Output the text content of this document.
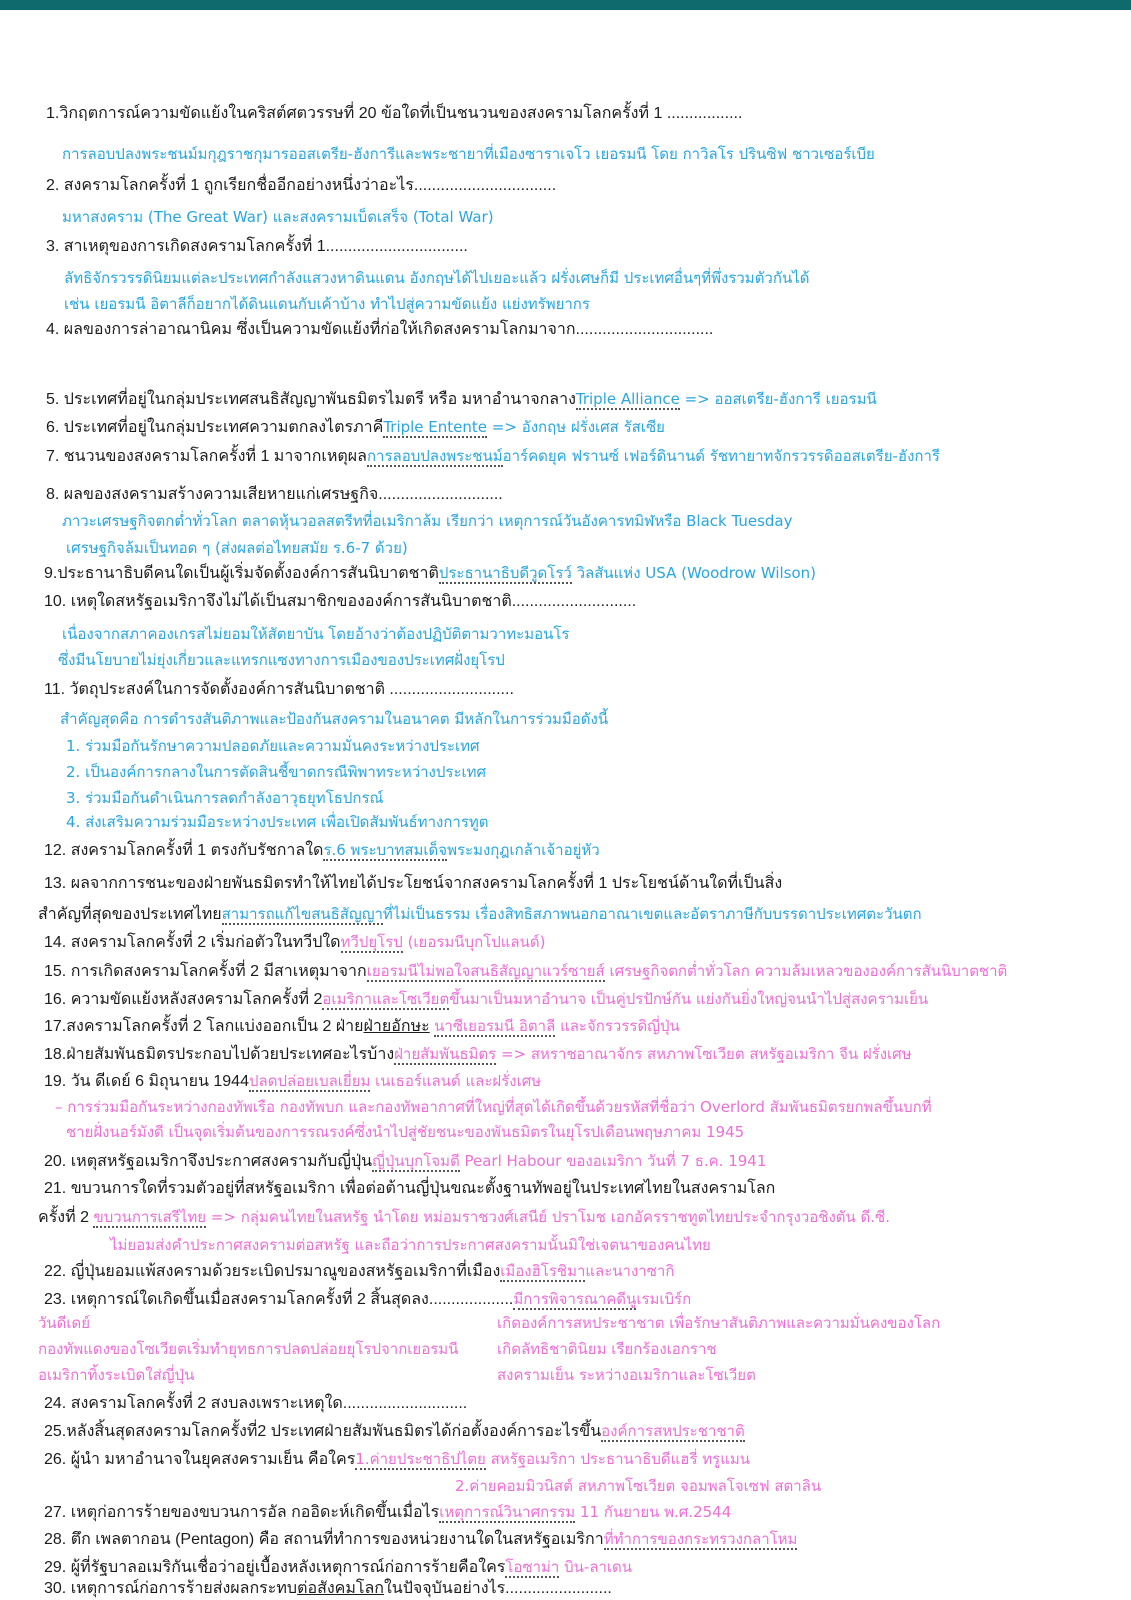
1.วิกฤตการณ์ความขัดแย้งในคริสต์ศตวรรษที่ 20 ข้อใดที่เป็นชนวนของสงครามโลกครั้งที่ 1 .................
การลอบปลงพระชนม์มกุฎราชกุมารออสเตรีย-ฮังการีและพระชายาที่เมืองซาราเจโว เยอรมนี โดย กาวิลโร ปรินซิฟ ชาวเซอร์เบีย
2. สงครามโลกครั้งที่ 1 ถูกเรียกชื่ออีกอย่างหนึ่งว่าอะไร................................
มหาสงคราม (The Great War) และสงครามเบ็ดเสร็จ (Total War)
3. สาเหตุของการเกิดสงครามโลกครั้งที่ 1................................
ลัทธิจักรวรรดินิยมแต่ละประเทศกำลังแสวงหาดินแดน อังกฤษได้ไปเยอะแล้ว ฝรั่งเศษก็มี ประเทศอื่นๆที่พึ่งรวมตัวกันได้
เช่น เยอรมนี อิตาลีก็อยากได้ดินแดนกับเค้าบ้าง ทำไปสู่ความขัดแย้ง แย่งทรัพยากร
4. ผลของการล่าอาณานิคม ซึ่งเป็นความขัดแย้งที่ก่อให้เกิดสงครามโลกมาจาก...............................
5. ประเทศที่อยู่ในกลุ่มประเทศสนธิสัญญาพันธมิตรไมตรี หรือ มหาอำนาจกลางTriple Alliance => ออสเตรีย-ฮังการี เยอรมนี
6. ประเทศที่อยู่ในกลุ่มประเทศความตกลงไตรภาคีTriple Entente => อังกฤษ ฝรั่งเศส รัสเซีย
7. ชนวนของสงครามโลกครั้งที่ 1 มาจากเหตุผลการลอบปลงพระชนม์อาร์คดยุค ฟรานซ์ เฟอร์ดินานด์ รัชทายาทจักรวรรดิออสเตรีย-ฮังการี
8. ผลของสงครามสร้างความเสียหายแก่เศรษฐกิจ............................
ภาวะเศรษฐกิจตกต่ำทั่วโลก ตลาดหุ้นวอลสตรีทที่อเมริกาล้ม เรียกว่า เหตุการณ์วันอังคารทมิฬหรือ Black Tuesday
เศรษฐกิจล้มเป็นทอด ๆ (ส่งผลต่อไทยสมัย ร.6-7 ด้วย)
9.ประธานาธิบดีคนใดเป็นผู้เริ่มจัดตั้งองค์การสันนิบาตชาติประธานาธิบดีวูดโรว์ วิลสันแห่ง USA (Woodrow Wilson)
10. เหตุใดสหรัฐอเมริกาจึงไม่ได้เป็นสมาชิกขององค์การสันนิบาตชาติ............................
เนื่องจากสภาคองเกรสไม่ยอมให้สัตยาบัน โดยอ้างว่าต้องปฏิบัติตามวาทะมอนโร
ซึ่งมีนโยบายไม่ยุ่งเกี่ยวและแทรกแซงทางการเมืองของประเทศฝั่งยุโรป
11. วัตถุประสงค์ในการจัดตั้งองค์การสันนิบาตชาติ ............................
สำคัญสุดคือ การดำรงสันติภาพและป้องกันสงครามในอนาคต มีหลักในการร่วมมือดังนี้
1. ร่วมมือกันรักษาความปลอดภัยและความมั่นคงระหว่างประเทศ
2. เป็นองค์การกลางในการตัดสินชี้ขาดกรณีพิพาทระหว่างประเทศ
3. ร่วมมือกันดำเนินการลดกำลังอาวุธยุทโธปกรณ์
4. ส่งเสริมความร่วมมือระหว่างประเทศ เพื่อเปิดสัมพันธ์ทางการทูต
12. สงครามโลกครั้งที่ 1 ตรงกับรัชกาลใดร.6 พระบาทสมเด็จพระมงกุฎเกล้าเจ้าอยู่หัว
13. ผลจากการชนะของฝ่ายพันธมิตรทำให้ไทยได้ประโยชน์จากสงครามโลกครั้งที่ 1 ประโยชน์ด้านใดที่เป็นสิ่ง
สำคัญที่สุดของประเทศไทยสามารถแก้ไขสนธิสัญญาที่ไม่เป็นธรรม เรื่องสิทธิสภาพนอกอาณาเขตและอัตราภาษีกับบรรดาประเทศตะวันตก
14. สงครามโลกครั้งที่ 2 เริ่มก่อตัวในทวีปใดทวีปยุโรป (เยอรมนีบุกโปแลนด์)
15. การเกิดสงครามโลกครั้งที่ 2 มีสาเหตุมาจากเยอรมนีไม่พอใจสนธิสัญญาแวร์ซายส์ เศรษฐกิจตกต่ำทั่วโลก ความล้มเหลวขององค์การสันนิบาตชาติ
16. ความขัดแย้งหลังสงครามโลกครั้งที่ 2อเมริกาและโซเวียตขึ้นมาเป็นมหาอำนาจ เป็นคู่ปรปักษ์กัน แย่งกันยิ่งใหญ่จนนำไปสู่สงครามเย็น
17.สงครามโลกครั้งที่ 2 โลกแบ่งออกเป็น 2 ฝ่ายฝ่ายอักษะ นาซีเยอรมนี อิตาลี และจักรวรรดิญี่ปุ่น
18.ฝ่ายสัมพันธมิตรประกอบไปด้วยประเทศอะไรบ้างฝ่ายสัมพันธมิตร => สหราชอาณาจักร สหภาพโซเวียต สหรัฐอเมริกา จีน ฝรั่งเศษ
19. วัน ดีเดย์ 6 มิถุนายน 1944ปลดปล่อยเบลเยี่ยม เนเธอร์แลนด์ และฝรั่งเศษ
– การร่วมมือกันระหว่างกองทัพเรือ กองทัพบก และกองทัพอากาศที่ใหญ่ที่สุดได้เกิดขึ้นด้วยรหัสที่ชื่อว่า Overlord สัมพันธมิตรยกพลขึ้นบกที่
ชายฝั่งนอร์มังดี เป็นจุดเริ่มต้นของการรณรงค์ซึ่งนำไปสู่ชัยชนะของพันธมิตรในยุโรปเดือนพฤษภาคม 1945
20. เหตุสหรัฐอเมริกาจึงประกาศสงครามกับญี่ปุ่นญี่ปุ่นบุกโจมตี Pearl Habour ของอเมริกา วันที่ 7 ธ.ค. 1941
21. ขบวนการใดที่รวมตัวอยู่ที่สหรัฐอเมริกา เพื่อต่อต้านญี่ปุ่นขณะตั้งฐานทัพอยู่ในประเทศไทยในสงครามโลก
ครั้งที่ 2 ขบวนการเสรีไทย => กลุ่มคนไทยในสหรัฐ นำโดย หม่อมราชวงศ์เสนีย์ ปราโมช เอกอัครราชทูตไทยประจำกรุงวอชิงตัน ดี.ซี.
ไม่ยอมส่งคำประกาศสงครามต่อสหรัฐ และถือว่าการประกาศสงครามนั้นมิใช่เจตนาของคนไทย
22. ญี่ปุ่นยอมแพ้สงครามด้วยระเบิดปรมาณูของสหรัฐอเมริกาที่เมืองเมืองฮิโรชิมาและนางาซากิ
23. เหตุการณ์ใดเกิดขึ้นเมื่อสงครามโลกครั้งที่ 2 สิ้นสุดลง...................มีการพิจารณาคดีนูเรมเบิร์ก
วันดีเดย์	เกิดองค์การสหประชาชาต เพื่อรักษาสันติภาพและความมั่นคงของโลก
กองทัพแดงของโซเวียตเริ่มทำยุทธการปลดปล่อยยุโรปจากเยอรมนี	เกิดลัทธิชาตินิยม เรียกร้องเอกราช
อเมริกาทิ้งระเบิดใส่ญี่ปุ่น	สงครามเย็น ระหว่างอเมริกาและโซเวียต
24. สงครามโลกครั้งที่ 2 สงบลงเพราะเหตุใด............................
25.หลังสิ้นสุดสงครามโลกครั้งที่2 ประเทศฝ่ายสัมพันธมิตรได้ก่อตั้งองค์การอะไรขึ้นองค์การสหประชาชาติ
26. ผู้นำ มหาอำนาจในยุคสงครามเย็น คือใคร1.ค่ายประชาธิปไตย สหรัฐอเมริกา ประธานาธิบดีแฮรี่ ทรูแมน
2.ค่ายคอมมิวนิสต์ สหภาพโซเวียต จอมพลโจเซฟ สตาลิน
27. เหตุก่อการร้ายของขบวนการอัล กออิดะห์เกิดขึ้นเมื่อไรเหตุการณ์วินาศกรรม 11 กันยายน พ.ศ.2544
28. ตึก เพลตากอน (Pentagon) คือ สถานที่ทำการของหน่วยงานใดในสหรัฐอเมริกาที่ทำการของกระทรวงกลาโหม
29. ผู้ที่รัฐบาลอเมริกันเชื่อว่าอยู่เบื้องหลังเหตุการณ์ก่อการร้ายคือใครโอซาม่า บิน-ลาเดน
30. เหตุการณ์ก่อการร้ายส่งผลกระทบต่อสังคมโลกในปัจจุบันอย่างไร........................
